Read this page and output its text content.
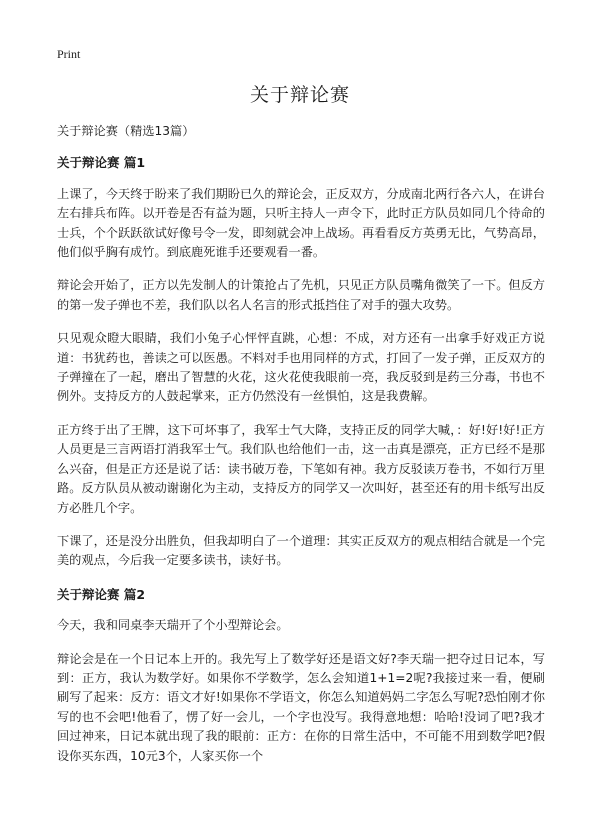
Print
关于辩论赛

关于辩论赛（精选13篇）

关于辩论赛 篇1

上课了，今天终于盼来了我们期盼已久的辩论会，正反双方，分成南北两行各六人，在讲台左右排兵布阵。以开卷是否有益为题，只听主持人一声令下，此时正方队员如同几个待命的士兵，个个跃跃欲试好像号令一发，即刻就会冲上战场。再看看反方英勇无比，气势高昂，他们似乎胸有成竹。到底鹿死谁手还要观看一番。

辩论会开始了，正方以先发制人的计策抢占了先机，只见正方队员嘴角微笑了一下。但反方的第一发子弹也不差，我们队以名人名言的形式抵挡住了对手的强大攻势。

只见观众瞪大眼睛，我们小兔子心怦怦直跳，心想：不成，对方还有一出拿手好戏正方说道：书犹药也，善读之可以医愚。不料对手也用同样的方式，打回了一发子弹，正反双方的子弹撞在了一起，磨出了智慧的火花，这火花使我眼前一亮，我反驳到是药三分毒，书也不例外。支持反方的人鼓起掌来，正方仍然没有一丝惧怕，这是我费解。

正方终于出了王牌，这下可坏事了，我军士气大降，支持正反的同学大喊，：好!好!好!正方人员更是三言两语打消我军士气。我们队也给他们一击，这一击真是漂亮，正方已经不是那么兴奋，但是正方还是说了话：读书破万卷，下笔如有神。我方反驳读万卷书，不如行万里路。反方队员从被动谢谢化为主动，支持反方的同学又一次叫好，甚至还有的用卡纸写出反方必胜几个字。

下课了，还是没分出胜负，但我却明白了一个道理：其实正反双方的观点相结合就是一个完美的观点，今后我一定要多读书，读好书。

关于辩论赛 篇2

今天，我和同桌李天瑞开了个小型辩论会。

辩论会是在一个日记本上开的。我先写上了数学好还是语文好?李天瑞一把夺过日记本，写到：正方，我认为数学好。如果你不学数学，怎么会知道1+1=2呢?我接过来一看，便刷刷写了起来：反方：语文才好!如果你不学语文，你怎么知道妈妈二字怎么写呢?恐怕刚才你写的也不会吧!他看了，愣了好一会儿，一个字也没写。我得意地想：哈哈!没词了吧?我才回过神来，日记本就出现了我的眼前：正方：在你的日常生活中，不可能不用到数学吧?假设你买东西，10元3个，人家买你一个
